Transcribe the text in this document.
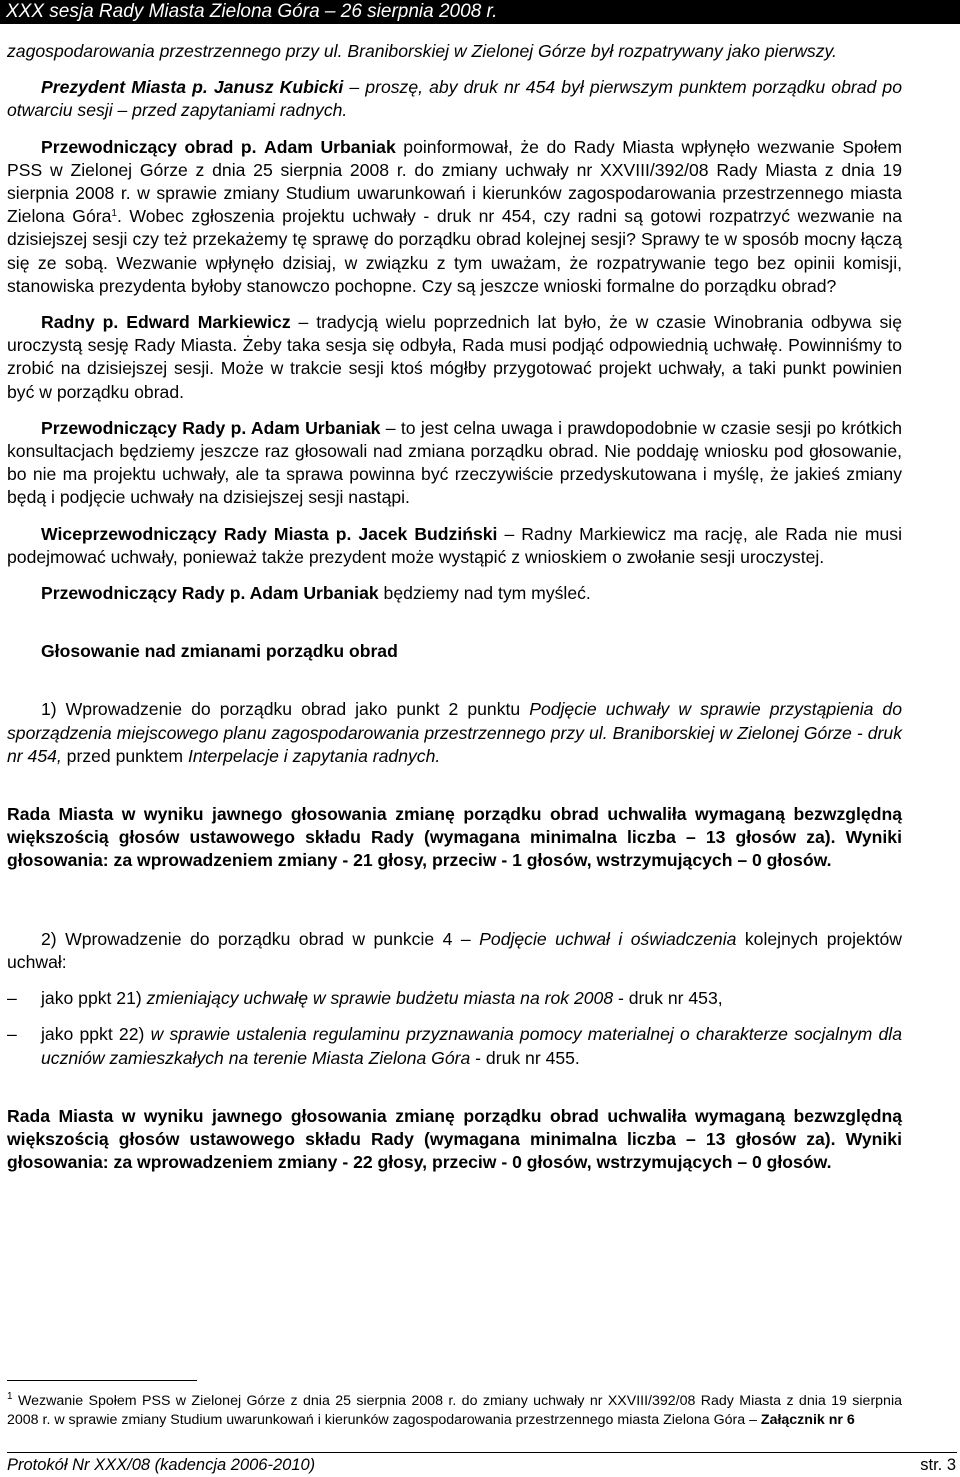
XXX sesja Rady Miasta Zielona Góra – 26 sierpnia 2008 r.

zagospodarowania przestrzennego przy ul. Braniborskiej w Zielonej Górze był rozpatrywany jako pierwszy.

Prezydent Miasta p. Janusz Kubicki – proszę, aby druk nr 454 był pierwszym punktem porządku obrad po otwarciu sesji – przed zapytaniami radnych.

Przewodniczący obrad p. Adam Urbaniak poinformował, że do Rady Miasta wpłynęło wezwanie Społem PSS w Zielonej Górze z dnia 25 sierpnia 2008 r. do zmiany uchwały nr XXVIII/392/08 Rady Miasta z dnia 19 sierpnia 2008 r. w sprawie zmiany Studium uwarunkowań i kierunków zagospodarowania przestrzennego miasta Zielona Góra$^1$. Wobec zgłoszenia projektu uchwały - druk nr 454, czy radni są gotowi rozpatrzyć wezwanie na dzisiejszej sesji czy też przekażemy tę sprawę do porządku obrad kolejnej sesji? Sprawy te w sposób mocny łączą się ze sobą. Wezwanie wpłynęło dzisiaj, w związku z tym uważam, że rozpatrywanie tego bez opinii komisji, stanowiska prezydenta byłoby stanowczo pochopne. Czy są jeszcze wnioski formalne do porządku obrad?

Radny p. Edward Markiewicz – tradycją wielu poprzednich lat było, że w czasie Winobrania odbywa się uroczystą sesję Rady Miasta. Żeby taka sesja się odbyła, Rada musi podjąć odpowiednią uchwałę. Powinniśmy to zrobić na dzisiejszej sesji. Może w trakcie sesji ktoś mógłby przygotować projekt uchwały, a taki punkt powinien być w porządku obrad.

Przewodniczący Rady p. Adam Urbaniak – to jest celna uwaga i prawdopodobnie w czasie sesji po krótkich konsultacjach będziemy jeszcze raz głosowali nad zmiana porządku obrad. Nie poddaję wniosku pod głosowanie, bo nie ma projektu uchwały, ale ta sprawa powinna być rzeczywiście przedyskutowana i myślę, że jakieś zmiany będą i podjęcie uchwały na dzisiejszej sesji nastąpi.

Wiceprzewodniczący Rady Miasta p. Jacek Budziński – Radny Markiewicz ma rację, ale Rada nie musi podejmować uchwały, ponieważ także prezydent może wystąpić z wnioskiem o zwołanie sesji uroczystej.

Przewodniczący Rady p. Adam Urbaniak będziemy nad tym myśleć.

Głosowanie nad zmianami porządku obrad

1) Wprowadzenie do porządku obrad jako punkt 2 punktu Podjęcie uchwały w sprawie przystąpienia do sporządzenia miejscowego planu zagospodarowania przestrzennego przy ul. Braniborskiej w Zielonej Górze - druk nr 454, przed punktem Interpelacje i zapytania radnych.

Rada Miasta w wyniku jawnego głosowania zmianę porządku obrad uchwaliła wymaganą bezwzględną większością głosów ustawowego składu Rady (wymagana minimalna liczba – 13 głosów za). Wyniki głosowania: za wprowadzeniem zmiany - 21 głosy, przeciw - 1 głosów, wstrzymujących – 0 głosów.

2) Wprowadzenie do porządku obrad w punkcie 4 – Podjęcie uchwał i oświadczenia kolejnych projektów uchwał:

– jako ppkt 21) zmieniający uchwałę w sprawie budżetu miasta na rok 2008 - druk nr 453,
– jako ppkt 22) w sprawie ustalenia regulaminu przyznawania pomocy materialnej o charakterze socjalnym dla uczniów zamieszkałych na terenie Miasta Zielona Góra - druk nr 455.

Rada Miasta w wyniku jawnego głosowania zmianę porządku obrad uchwaliła wymaganą bezwzględną większością głosów ustawowego składu Rady (wymagana minimalna liczba – 13 głosów za). Wyniki głosowania: za wprowadzeniem zmiany - 22 głosy, przeciw - 0 głosów, wstrzymujących – 0 głosów.

$^1$ Wezwanie Społem PSS w Zielonej Górze z dnia 25 sierpnia 2008 r. do zmiany uchwały nr XXVIII/392/08 Rady Miasta z dnia 19 sierpnia 2008 r. w sprawie zmiany Studium uwarunkowań i kierunków zagospodarowania przestrzennego miasta Zielona Góra – Załącznik nr 6
Protokół Nr XXX/08 (kadencja 2006-2010)	str. 3
